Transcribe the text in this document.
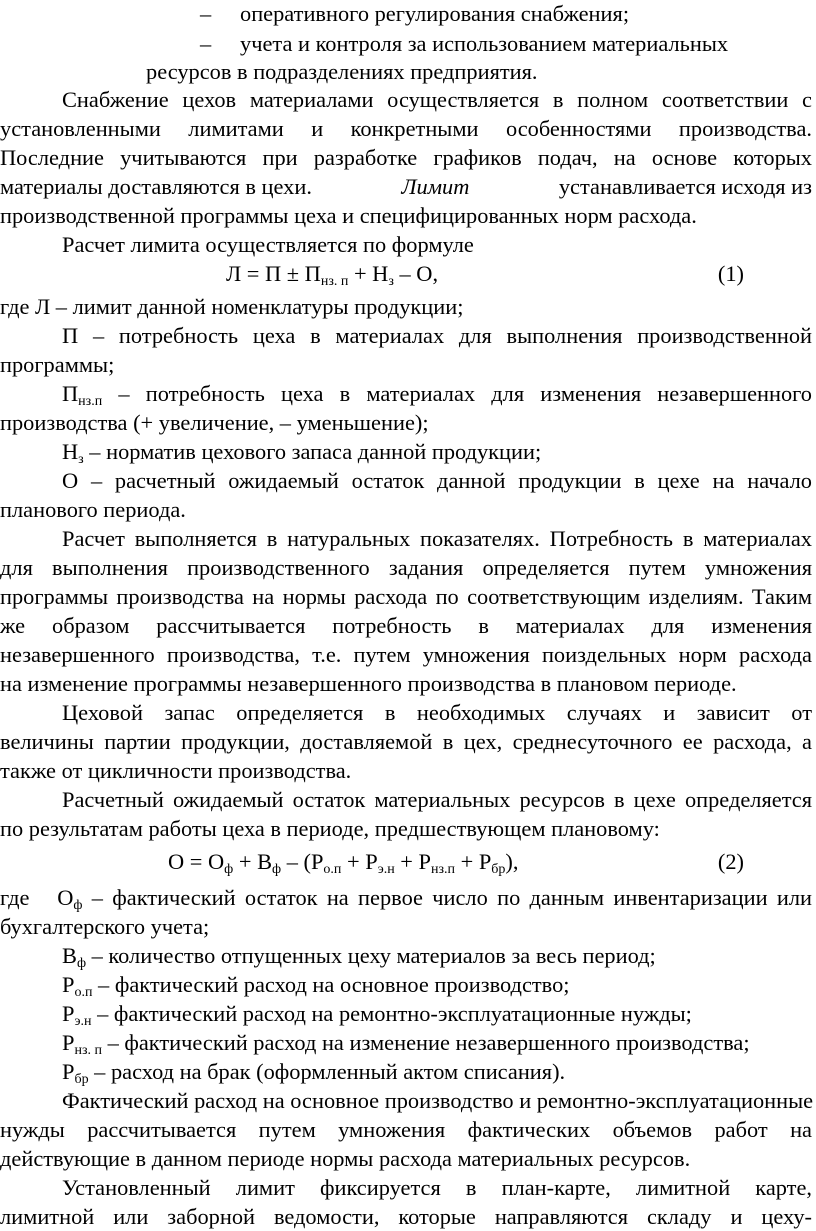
– оперативного регулирования снабжения;
– учета и контроля за использованием материальных
ресурсов в подразделениях предприятия.
Снабжение цехов материалами осуществляется в полном соответствии с
установленными лимитами и конкретными особенностями производства.
Последние учитываются при разработке графиков подач, на основе которых
материалы доставляются в цехи.	Лимит	устанавливается исходя из
производственной программы цеха и специфицированных норм расхода.
Расчет лимита осуществляется по формуле
$Л = П \pm П_{нз. п} + Н_з - О$,	(1)
где Л – лимит данной номенклатуры продукции;
П – потребность цеха в материалах для выполнения производственной
программы;
$П_{нз.п}$ – потребность цеха в материалах для изменения незавершенного
производства (+ увеличение, – уменьшение);
$Н_з$ – норматив цехового запаса данной продукции;
О – расчетный ожидаемый остаток данной продукции в цехе на начало
планового периода.
Расчет выполняется в натуральных показателях. Потребность в материалах
для выполнения производственного задания определяется путем умножения
программы производства на нормы расхода по соответствующим изделиям. Таким
же образом рассчитывается потребность в материалах для изменения
незавершенного производства, т.е. путем умножения поиздельных норм расхода
на изменение программы незавершенного производства в плановом периоде.
Цеховой запас определяется в необходимых случаях и зависит от
величины партии продукции, доставляемой в цех, среднесуточного ее расхода, а
также от цикличности производства.
Расчетный ожидаемый остаток материальных ресурсов в цехе определяется
по результатам работы цеха в периоде, предшествующем плановому:
$О = О_ф + В_ф - (Р_{о.п} + Р_{э.н} + Р_{нз.п} + Р_{бр})$,	(2)
где   $О_ф$ – фактический остаток на первое число по данным инвентаризации или
бухгалтерского учета;
$В_ф$ – количество отпущенных цеху материалов за весь период;
$Р_{о.п}$ – фактический расход на основное производство;
$Р_{э.н}$ – фактический расход на ремонтно-эксплуатационные нужды;
$Р_{нз. п}$ – фактический расход на изменение незавершенного производства;
$Р_{бр}$ – расход на брак (оформленный актом списания).
Фактический расход на основное производство и ремонтно-эксплуатационные
нужды рассчитывается путем умножения фактических объемов работ на
действующие в данном периоде нормы расхода материальных ресурсов.
Установленный лимит фиксируется в план-карте, лимитной карте,
лимитной или заборной ведомости, которые направляются складу и цеху-
